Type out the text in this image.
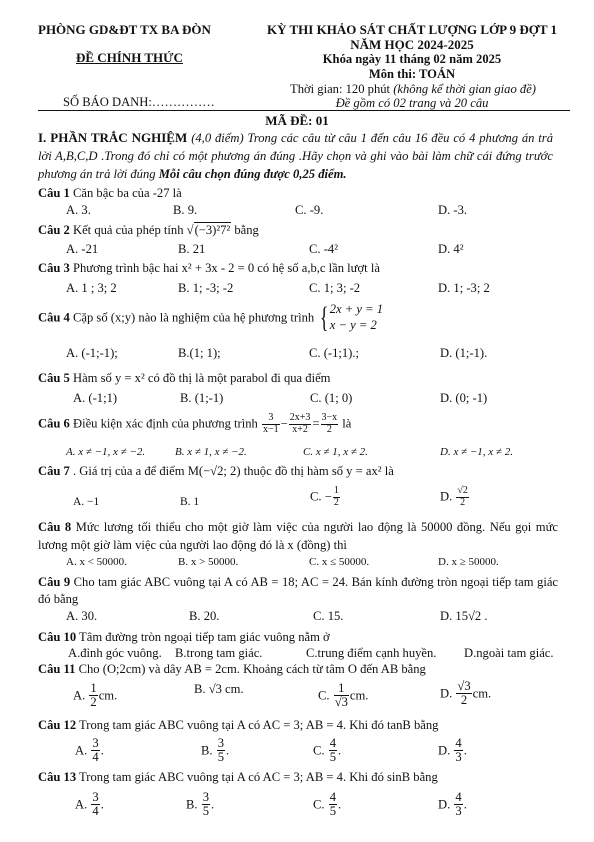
PHÒNG GD&ĐT TX BA ĐÒN
ĐỀ CHÍNH THỨC
SỐ BÁO DANH:……………
KỲ THI KHẢO SÁT CHẤT LƯỢNG LỚP 9 ĐỢT 1
NĂM HỌC 2024-2025
Khóa ngày 11 tháng 02 năm 2025
Môn thi: TOÁN
Thời gian: 120 phút (không kể thời gian giao đề)
Đề gồm có 02 trang và 20 câu
MÃ ĐỀ: 01
I. PHẦN TRẮC NGHIỆM (4,0 điểm) Trong các câu từ câu 1 đến câu 16 đều có 4 phương án trả lời A,B,C,D .Trong đó chỉ có một phương án đúng .Hãy chọn và ghi vào bài làm chữ cái đứng trước phương án trả lời đúng Mỗi câu chọn đúng được 0,25 điểm.
Câu 1 Căn bậc ba của -27 là
A. 3.	B. 9.	C. -9.	D. -3.
Câu 2 Kết quả của phép tính √(−3)²7² bằng
A. -21	B. 21	C. -4²	D. 4²
Câu 3 Phương trình bậc hai x² + 3x - 2 = 0 có hệ số a,b,c lần lượt là
A. 1 ; 3; 2	B. 1; -3; -2	C. 1; 3; -2	D. 1; -3; 2
Câu 4 Cặp số (x;y) nào là nghiệm của hệ phương trình { 2x + y = 1
x − y = 2
A. (-1;-1);	B.(1; 1);	C. (-1;1).;	D. (1;-1).
Câu 5 Hàm số y = x² có đồ thị là một parabol đi qua điểm
A. (-1;1)	B. (1;-1)	C. (1; 0)	D. (0; -1)
Câu 6 Điều kiện xác định của phương trình $\frac{3}{x-1} - \frac{2x+3}{x+2} = \frac{3-x}{2}$ là
A. x ≠ −1, x ≠ −2.	B. x ≠ 1, x ≠ −2.	C. x ≠ 1, x ≠ 2.	D. x ≠ −1, x ≠ 2.
Câu 7 . Giá trị của a để điểm M(−√2; 2) thuộc đồ thị hàm số y = ax² là
A. −1	B. 1	C. − $\frac{1}{2}$	D. $\frac{√2}{2}$
Câu 8 Mức lương tối thiểu cho một giờ làm việc của người lao động là 50000 đồng. Nếu gọi mức lương một giờ làm việc của người lao động đó là x (đồng) thì
A. x < 50000.	B. x > 50000.	C. x ≤ 50000.	D. x ≥ 50000.
Câu 9 Cho tam giác ABC vuông tại A có AB = 18; AC = 24. Bán kính đường tròn ngoại tiếp tam giác đó bằng
A. 30.	B. 20.	C. 15.	D. 15√2 .
Câu 10 Tâm đường tròn ngoại tiếp tam giác vuông nằm ở
A.đỉnh góc vuông. B.trong tam giác.	C.trung điểm cạnh huyền. D.ngoài tam giác.
Câu 11 Cho (O;2cm) và dây AB = 2cm. Khoảng cách từ tâm O đến AB bằng
A. $\frac{1}{2}$ cm.	B. √3 cm.	C. $\frac{1}{√3}$ cm.	D. $\frac{√3}{2}$ cm.
Câu 12 Trong tam giác ABC vuông tại A có AC = 3; AB = 4. Khi đó tanB bằng
A. $\frac{3}{4}$ .	B. $\frac{3}{5}$ .	C. $\frac{4}{5}$ .	D. $\frac{4}{3}$ .
Câu 13 Trong tam giác ABC vuông tại A có AC = 3; AB = 4. Khi đó sinB bằng
A. $\frac{3}{4}$ .	B. $\frac{3}{5}$ .	C. $\frac{4}{5}$ .	D. $\frac{4}{3}$ .
